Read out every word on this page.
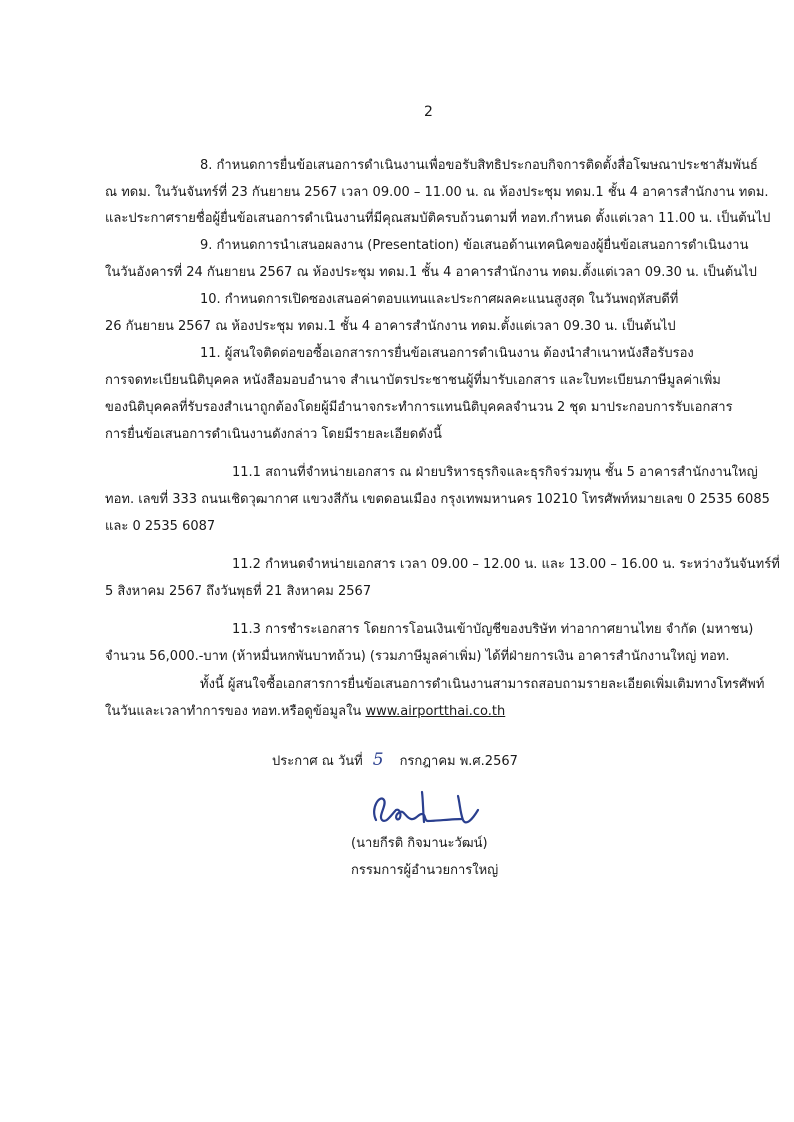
2
8. กำหนดการยื่นข้อเสนอการดำเนินงานเพื่อขอรับสิทธิประกอบกิจการติดตั้งสื่อโฆษณาประชาสัมพันธ์
ณ ทดม. ในวันจันทร์ที่ 23 กันยายน 2567 เวลา 09.00 – 11.00 น. ณ ห้องประชุม ทดม.1 ชั้น 4 อาคารสำนักงาน ทดม.
และประกาศรายชื่อผู้ยื่นข้อเสนอการดำเนินงานที่มีคุณสมบัติครบถ้วนตามที่ ทอท.กำหนด ตั้งแต่เวลา 11.00 น. เป็นต้นไป
9. กำหนดการนำเสนอผลงาน (Presentation) ข้อเสนอด้านเทคนิคของผู้ยื่นข้อเสนอการดำเนินงาน
ในวันอังคารที่ 24 กันยายน 2567 ณ ห้องประชุม ทดม.1 ชั้น 4 อาคารสำนักงาน ทดม.ตั้งแต่เวลา 09.30 น. เป็นต้นไป
10. กำหนดการเปิดซองเสนอค่าตอบแทนและประกาศผลคะแนนสูงสุด ในวันพฤหัสบดีที่
26 กันยายน 2567 ณ ห้องประชุม ทดม.1 ชั้น 4 อาคารสำนักงาน ทดม.ตั้งแต่เวลา 09.30 น. เป็นต้นไป
11. ผู้สนใจติดต่อขอซื้อเอกสารการยื่นข้อเสนอการดำเนินงาน ต้องนำสำเนาหนังสือรับรอง
การจดทะเบียนนิติบุคคล หนังสือมอบอำนาจ สำเนาบัตรประชาชนผู้ที่มารับเอกสาร และใบทะเบียนภาษีมูลค่าเพิ่ม
ของนิติบุคคลที่รับรองสำเนาถูกต้องโดยผู้มีอำนาจกระทำการแทนนิติบุคคลจำนวน 2 ชุด มาประกอบการรับเอกสาร
การยื่นข้อเสนอการดำเนินงานดังกล่าว โดยมีรายละเอียดดังนี้
11.1 สถานที่จำหน่ายเอกสาร ณ ฝ่ายบริหารธุรกิจและธุรกิจร่วมทุน ชั้น 5 อาคารสำนักงานใหญ่
ทอท. เลขที่ 333 ถนนเชิดวุฒากาศ แขวงสีกัน เขตดอนเมือง กรุงเทพมหานคร 10210 โทรศัพท์หมายเลข 0 2535 6085
และ 0 2535 6087
11.2 กำหนดจำหน่ายเอกสาร เวลา 09.00 – 12.00 น. และ 13.00 – 16.00 น. ระหว่างวันจันทร์ที่
5 สิงหาคม 2567 ถึงวันพุธที่ 21 สิงหาคม 2567
11.3 การชำระเอกสาร โดยการโอนเงินเข้าบัญชีของบริษัท ท่าอากาศยานไทย จำกัด (มหาชน)
จำนวน 56,000.-บาท (ห้าหมื่นหกพันบาทถ้วน) (รวมภาษีมูลค่าเพิ่ม) ได้ที่ฝ่ายการเงิน อาคารสำนักงานใหญ่ ทอท.
ทั้งนี้ ผู้สนใจซื้อเอกสารการยื่นข้อเสนอการดำเนินงานสามารถสอบถามรายละเอียดเพิ่มเติมทางโทรศัพท์
ในวันและเวลาทำการของ ทอท.หรือดูข้อมูลใน www.airportthai.co.th
ประกาศ ณ วันที่ 5 กรกฎาคม พ.ศ.2567
(นายกีรติ กิจมานะวัฒน์)
กรรมการผู้อำนวยการใหญ่
